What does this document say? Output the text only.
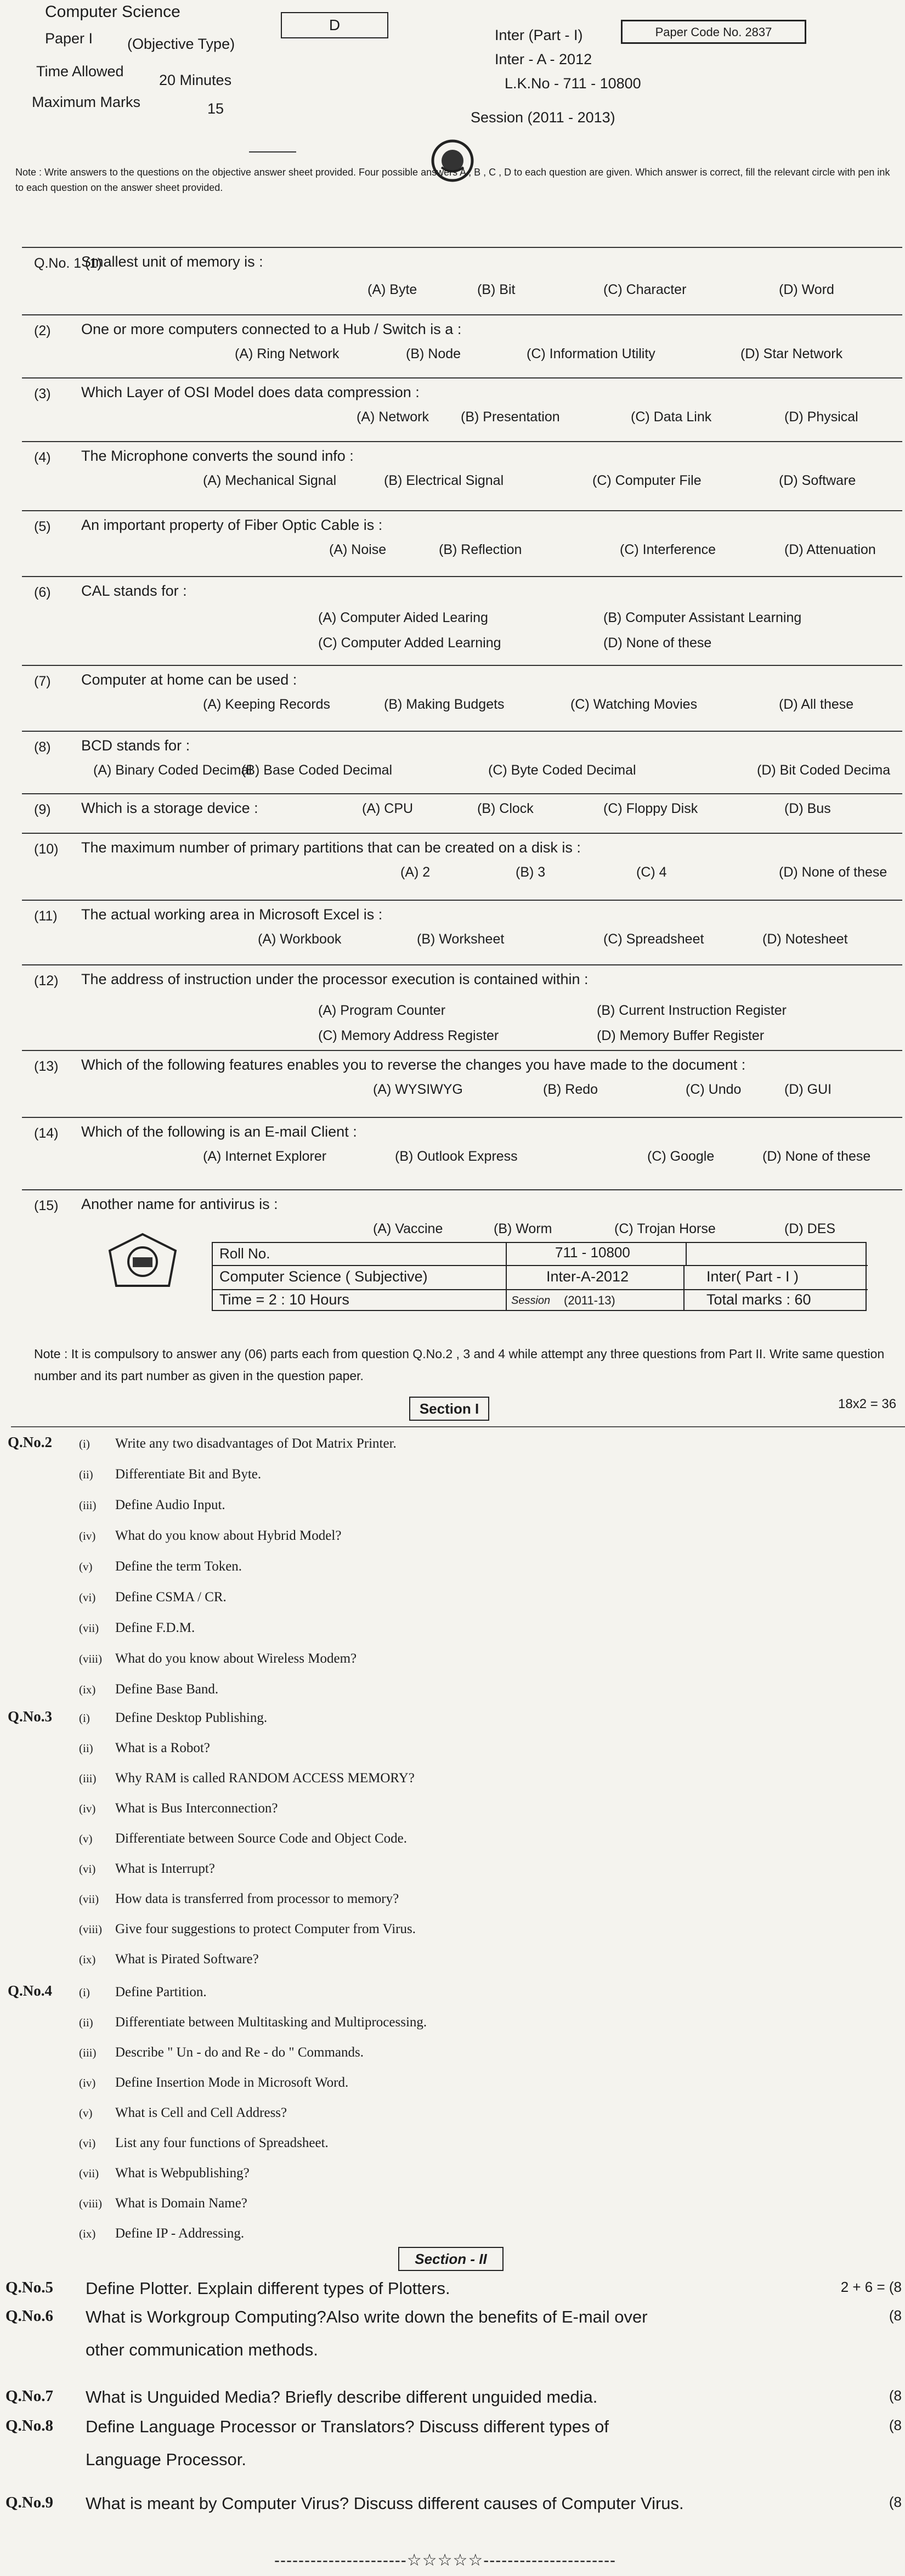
Computer Science
Paper I (Objective Type)
Time Allowed
20 Minutes
Maximum Marks	15
D
Inter (Part - I)
Inter - A - 2012
L.K.No - 711 - 10800
Session (2011 - 2013)
Paper Code No. 2837
Note : Write answers to the questions on the objective answer sheet provided. Four possible answers A , B , C , D to each question are given. Which answer is correct, fill the relevant circle with pen ink to each question on the answer sheet provided.
Q.No. 1 (1)
Smallest unit of memory is :
(A) Byte	(B) Bit	(C) Character	(D) Word
(2) One or more computers connected to a Hub / Switch is a :
(A) Ring Network	(B) Node	(C) Information Utility	(D) Star Network
(3) Which Layer of OSI Model does data compression :
(A) Network (B) Presentation	(C) Data Link	(D) Physical
(4) The Microphone converts the sound info :
(A) Mechanical Signal	(B) Electrical Signal	(C) Computer File	(D) Software
(5) An important property of Fiber Optic Cable is :
(A) Noise	(B) Reflection	(C) Interference	(D) Attenuation
(6) CAL stands for :
(A) Computer Aided Learing	(B) Computer Assistant Learning
(C) Computer Added Learning	(D) None of these
(7) Computer at home can be used :
(A) Keeping Records	(B) Making Budgets	(C) Watching Movies	(D) All these
(8) BCD stands for :
(A) Binary Coded Decimal
(B) Base Coded Decimal	(C) Byte Coded Decimal	(D) Bit Coded Decima
(9) Which is a storage device :	(A) CPU	(B) Clock	(C) Floppy Disk	(D) Bus
(10) The maximum number of primary partitions that can be created on a disk is :
(A) 2	(B) 3	(C) 4	(D) None of these
(11) The actual working area in Microsoft Excel is :
(A) Workbook	(B) Worksheet	(C) Spreadsheet	(D) Notesheet
(12) The address of instruction under the processor execution is contained within :
(A) Program Counter	(B) Current Instruction Register
(C) Memory Address Register	(D) Memory Buffer Register
(13) Which of the following features enables you to reverse the changes you have made to the document :
(A) WYSIWYG	(B) Redo	(C) Undo	(D) GUI
(14) Which of the following is an E-mail Client :
(A) Internet Explorer	(B) Outlook Express	(C) Google	(D) None of these
(15) Another name for antivirus is :
(A) Vaccine	(B) Worm	(C) Trojan Horse	(D) DES
Roll No.	711 - 10800
Computer Science ( Subjective)	Inter-A-2012	Inter( Part - I )
Time = 2 : 10 Hours	Session (2011-13)	Total marks : 60
Note : It is compulsory to answer any (06) parts each from question Q.No.2 , 3 and 4 while attempt any three questions from Part II. Write same question number and its part number as given in the question paper.
Section I	18x2 = 36
Q.No.2 (i) Write any two disadvantages of Dot Matrix Printer.
(ii) Differentiate Bit and Byte.
(iii) Define Audio Input.
(iv) What do you know about Hybrid Model?
(v) Define the term Token.
(vi) Define CSMA / CR.
(vii) Define F.D.M.
(viii) What do you know about Wireless Modem?
(ix) Define Base Band.
Q.No.3 (i) Define Desktop Publishing.
(ii) What is a Robot?
(iii) Why RAM is called RANDOM ACCESS MEMORY?
(iv) What is Bus Interconnection?
(v) Differentiate between Source Code and Object Code.
(vi) What is Interrupt?
(vii) How data is transferred from processor to memory?
(viii) Give four suggestions to protect Computer from Virus.
(ix) What is Pirated Software?
Q.No.4 (i) Define Partition.
(ii) Differentiate between Multitasking and Multiprocessing.
(iii) Describe " Un - do and Re - do " Commands.
(iv) Define Insertion Mode in Microsoft Word.
(v) What is Cell and Cell Address?
(vi) List any four functions of Spreadsheet.
(vii) What is Webpublishing?
(viii) What is Domain Name?
(ix) Define IP - Addressing.
Section - II
Q.No.5 Define Plotter. Explain different types of Plotters.	2 + 6 = (8
Q.No.6 What is Workgroup Computing?Also write down the benefits of E-mail over
other communication methods.
(8
Q.No.7 What is Unguided Media? Briefly describe different unguided media.	(8
Q.No.8 Define Language Processor or Translators? Discuss different types of
Language Processor.
(8
Q.No.9 What is meant by Computer Virus? Discuss different causes of Computer Virus.	(8
----------------------☆☆☆☆☆----------------------
